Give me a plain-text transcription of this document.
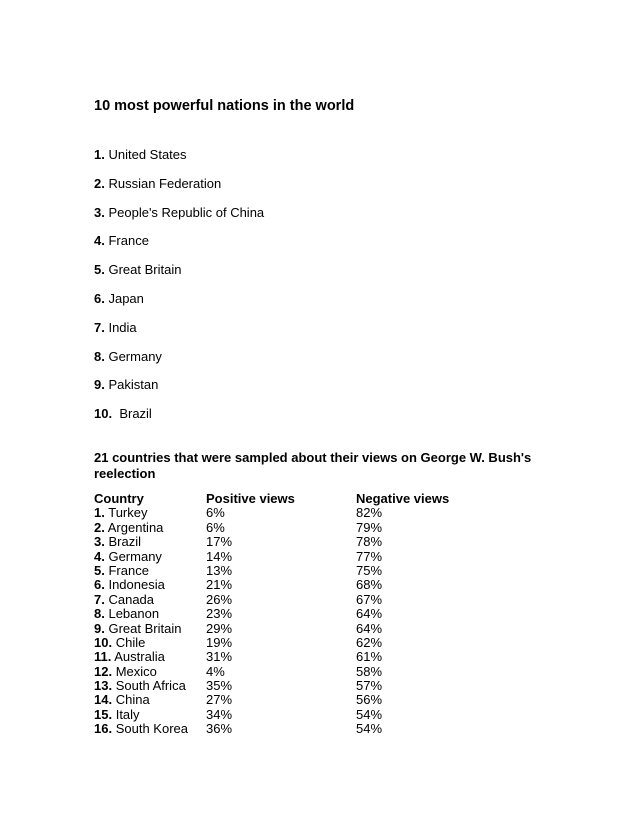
10 most powerful nations in the world
1. United States
2. Russian Federation
3. People's Republic of China
4. France
5. Great Britain
6. Japan
7. India
8. Germany
9. Pakistan
10.  Brazil
21 countries that were sampled about their views on George W. Bush's reelection
Country	Positive views	Negative views
1. Turkey	6%	82%
2. Argentina	6%	79%
3. Brazil	17%	78%
4. Germany	14%	77%
5. France	13%	75%
6. Indonesia	21%	68%
7. Canada	26%	67%
8. Lebanon	23%	64%
9. Great Britain 29%	64%
10. Chile	19%	62%
11. Australia	31%	61%
12. Mexico	4%	58%
13. South Africa 35%	57%
14. China	27%	56%
15. Italy	34%	54%
16. South Korea 36%	54%
